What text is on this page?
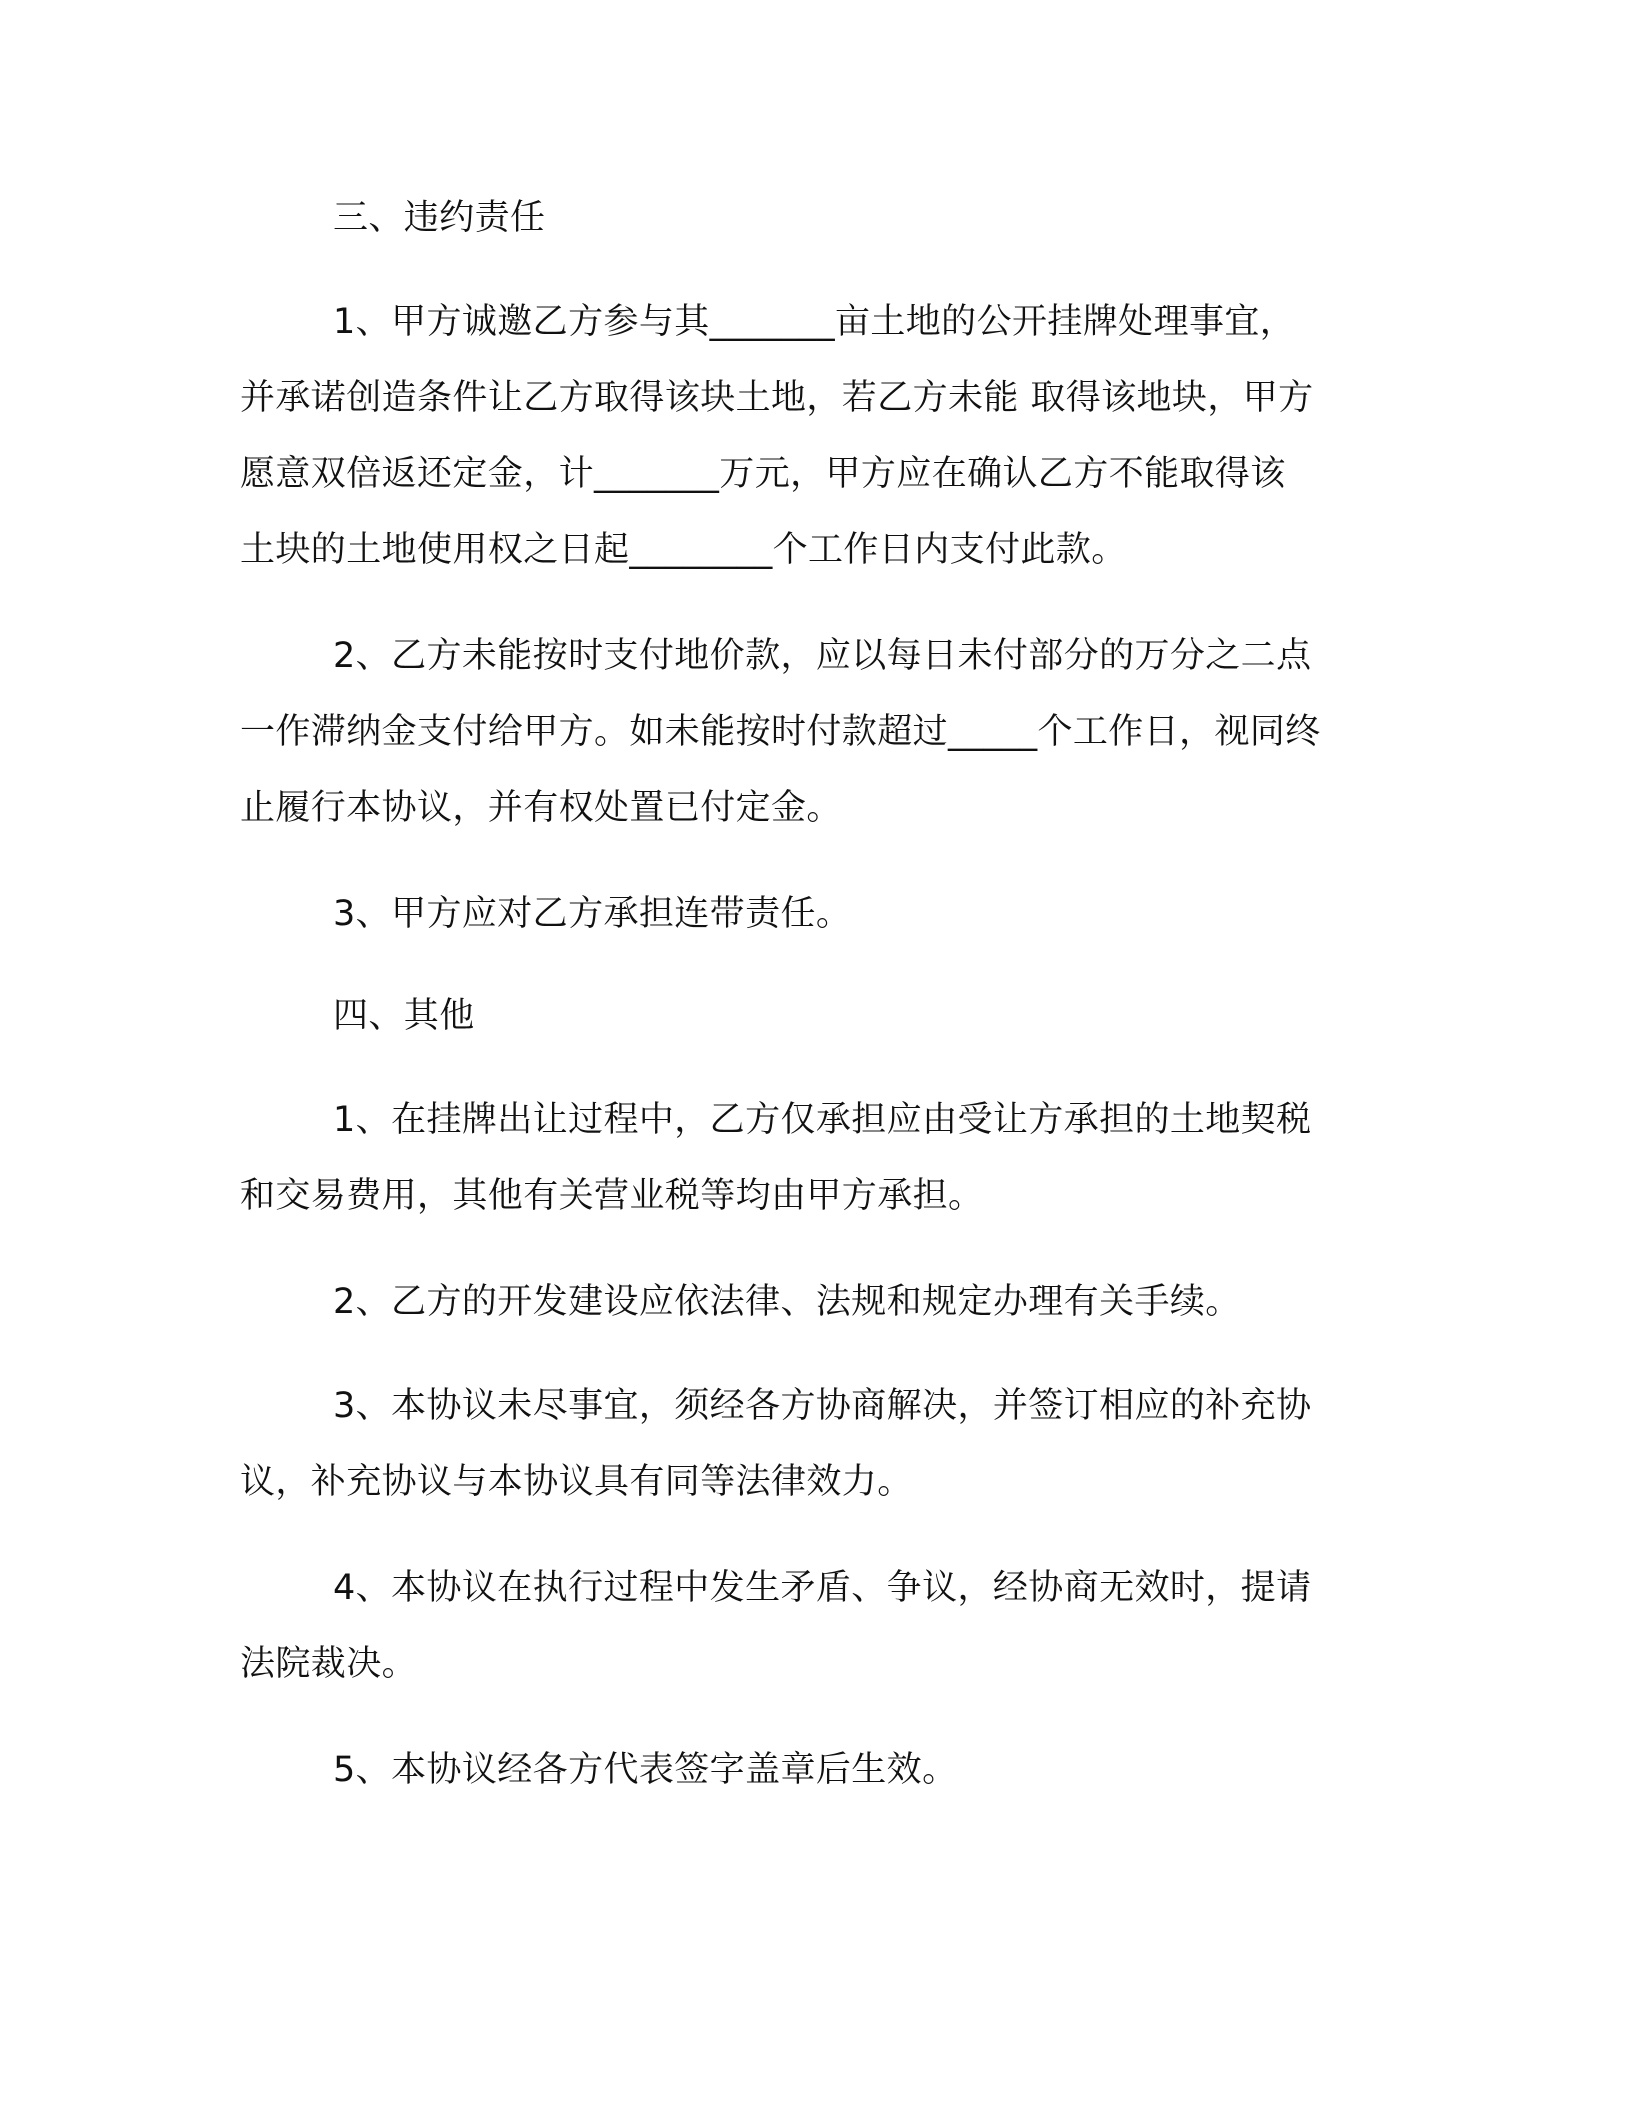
三、违约责任
1、甲方诚邀乙方参与其_______亩土地的公开挂牌处理事宜，
并承诺创造条件让乙方取得该块土地，若乙方未能 取得该地块，甲方
愿意双倍返还定金，计_______万元，甲方应在确认乙方不能取得该
土块的土地使用权之日起________个工作日内支付此款。
2、乙方未能按时支付地价款，应以每日未付部分的万分之二点
一作滞纳金支付给甲方。如未能按时付款超过_____个工作日，视同终
止履行本协议，并有权处置已付定金。
3、甲方应对乙方承担连带责任。
四、其他
1、在挂牌出让过程中，乙方仅承担应由受让方承担的土地契税
和交易费用，其他有关营业税等均由甲方承担。
2、乙方的开发建设应依法律、法规和规定办理有关手续。
3、本协议未尽事宜，须经各方协商解决，并签订相应的补充协
议，补充协议与本协议具有同等法律效力。
4、本协议在执行过程中发生矛盾、争议，经协商无效时，提请
法院裁决。
5、本协议经各方代表签字盖章后生效。
